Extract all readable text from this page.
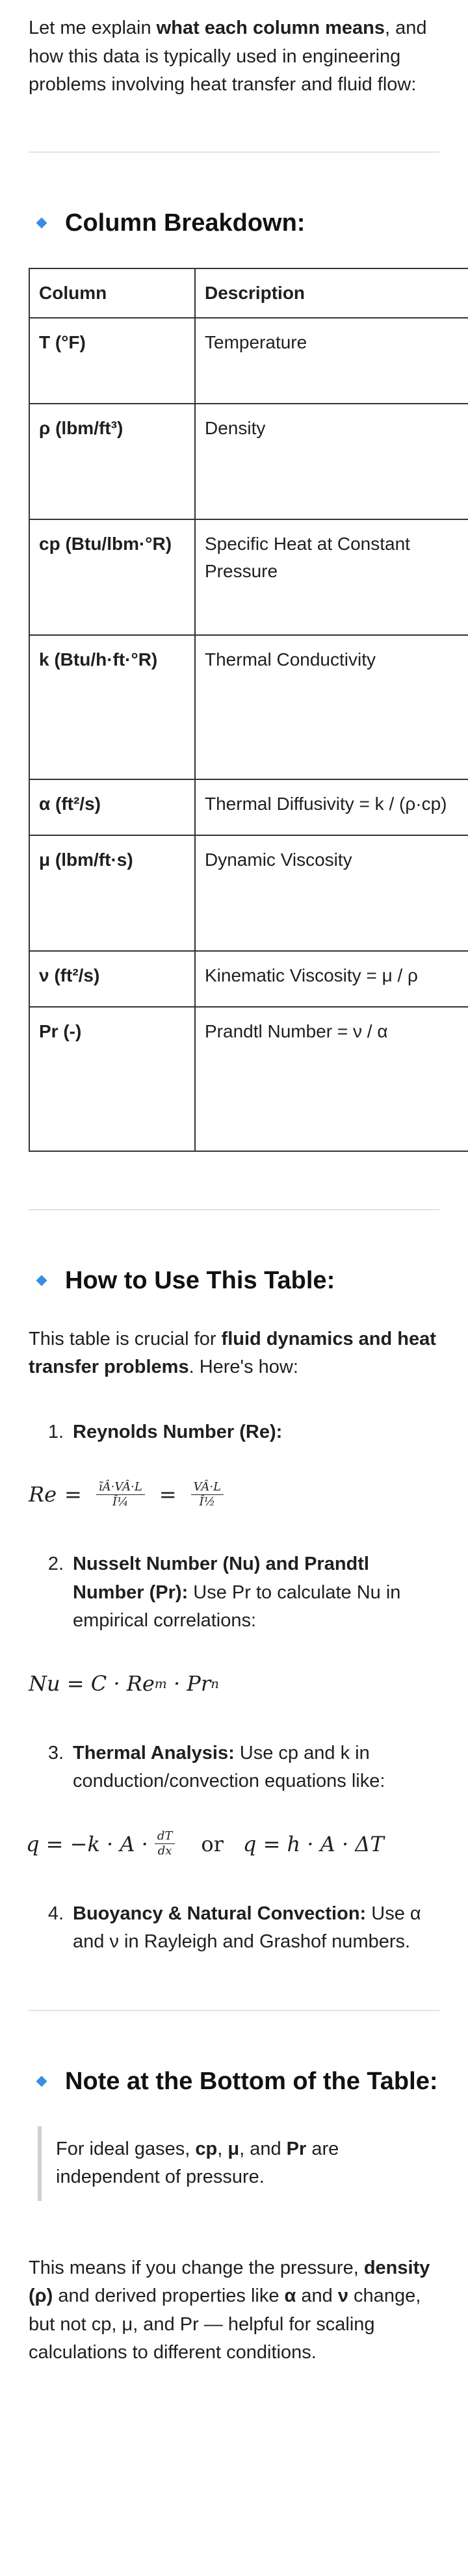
Let me explain what each column means, and how this data is typically used in engineering problems involving heat transfer and fluid flow:

Column Breakdown:
Column	Description
T (°F)	Temperature
ρ (lbm/ft³)	Density
cp (Btu/lbm·°R)	Specific Heat at Constant Pressure
k (Btu/h·ft·°R)	Thermal Conductivity
α (ft²/s)	Thermal Diffusivity = k / (ρ·cp)
μ (lbm/ft·s)	Dynamic Viscosity
ν (ft²/s)	Kinematic Viscosity = μ / ρ
Pr (-)	Prandtl Number = ν / α
How to Use This Table:

This table is crucial for fluid dynamics and heat transfer problems. Here's how:

1. Reynolds Number (Re):
$Re = \frac{ĩÂ\cdot VÂ\cdot L}{\text{Î¼}} = \frac{VÂ\cdot L}{\text{Î½}}$
2. Nusselt Number (Nu) and Prandtl Number (Pr): Use Pr to calculate Nu in empirical correlations:
Nu = C · Re m · Pr n
3. Thermal Analysis: Use cp and k in conduction/convection equations like:
$q = -k \cdot A \cdot \frac{dT}{dx}$ or q = h · A · ΔT
4. Buoyancy & Natural Convection: Use α and ν in Rayleigh and Grashof numbers.
Note at the Bottom of the Table:

For ideal gases, cp, μ, and Pr are independent of pressure.

This means if you change the pressure, density (ρ) and derived properties like α and ν change, but not cp, μ, and Pr — helpful for scaling calculations to different conditions.
